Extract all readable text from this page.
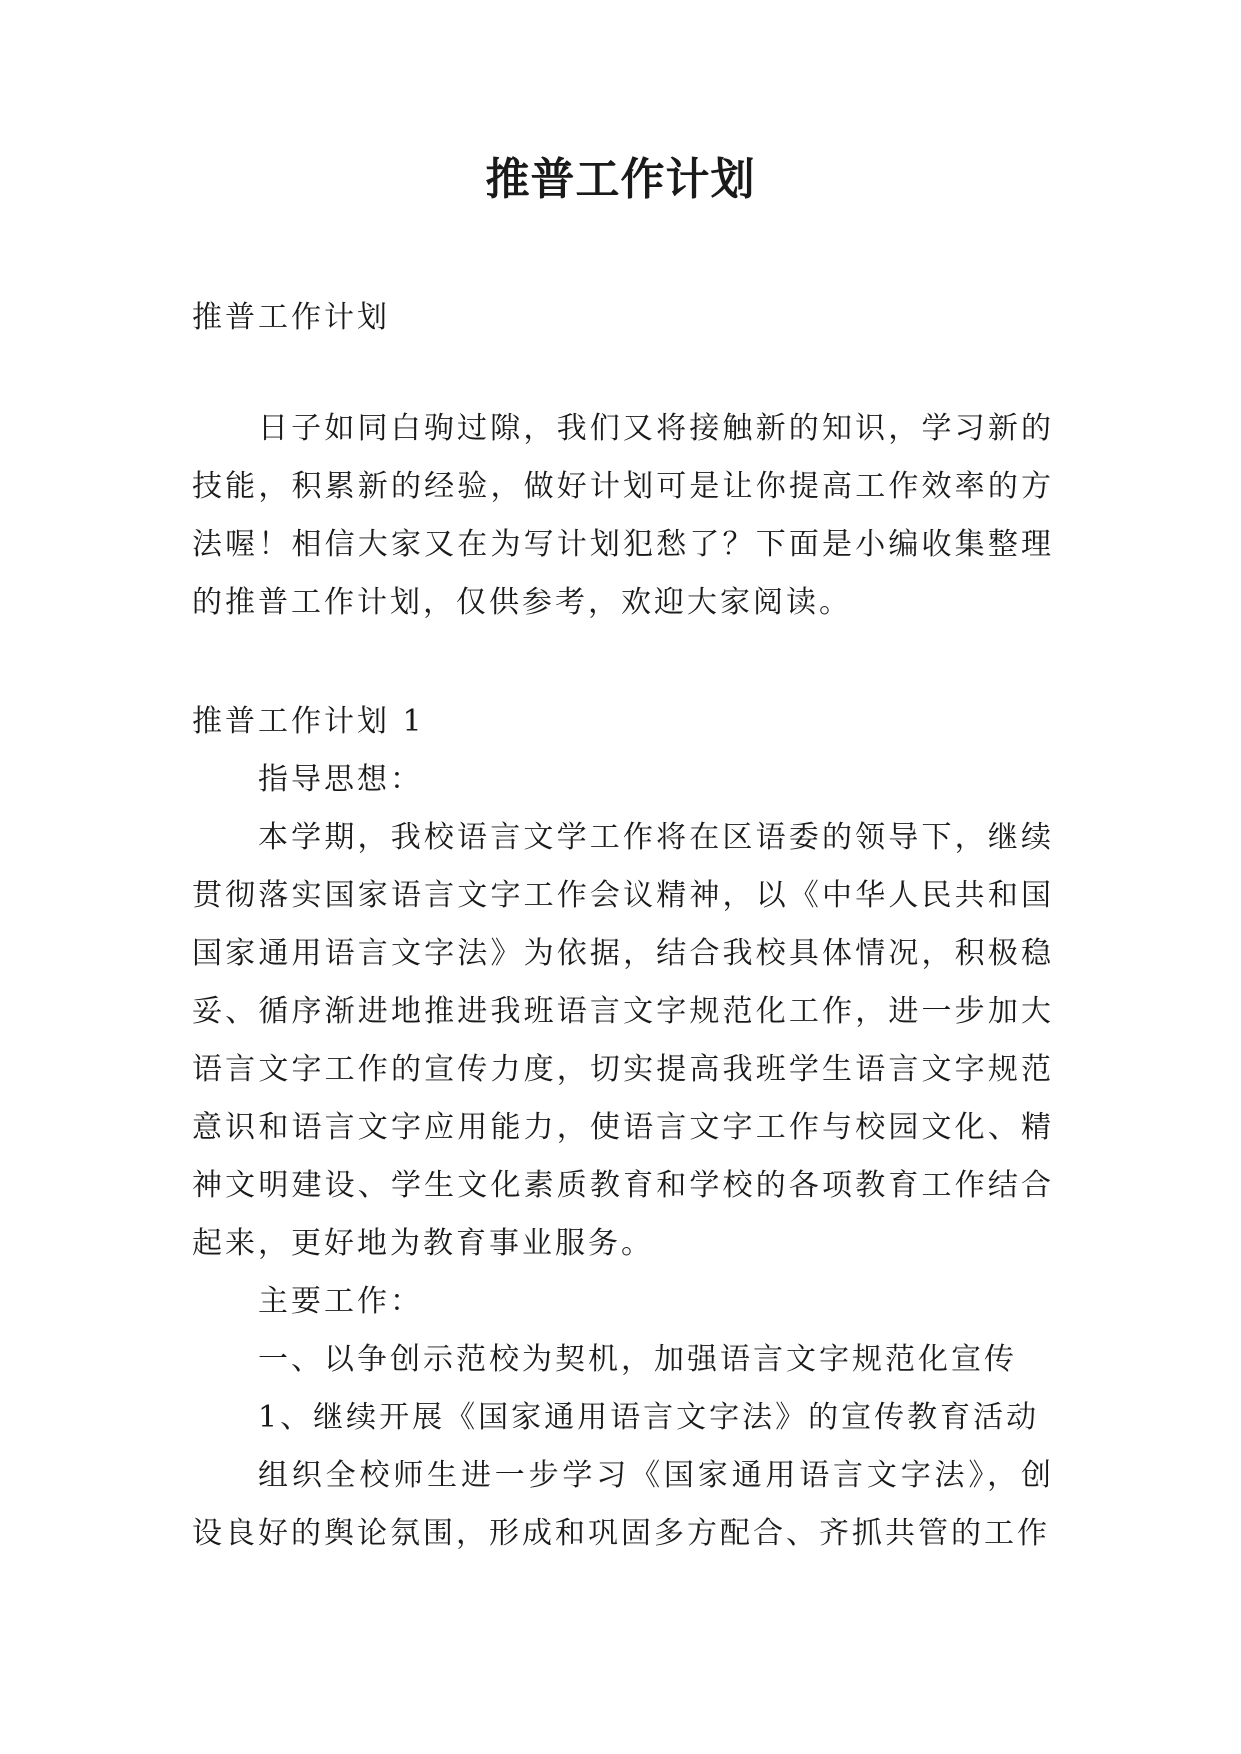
推普工作计划

推普工作计划

日子如同白驹过隙，我们又将接触新的知识，学习新的技能，积累新的经验，做好计划可是让你提高工作效率的方法喔！相信大家又在为写计划犯愁了？下面是小编收集整理的推普工作计划，仅供参考，欢迎大家阅读。

推普工作计划 1

指导思想：

本学期，我校语言文学工作将在区语委的领导下，继续贯彻落实国家语言文字工作会议精神，以《中华人民共和国国家通用语言文字法》为依据，结合我校具体情况，积极稳妥、循序渐进地推进我班语言文字规范化工作，进一步加大语言文字工作的宣传力度，切实提高我班学生语言文字规范意识和语言文字应用能力，使语言文字工作与校园文化、精神文明建设、学生文化素质教育和学校的各项教育工作结合起来，更好地为教育事业服务。

主要工作：

一、以争创示范校为契机，加强语言文字规范化宣传

1、继续开展《国家通用语言文字法》的宣传教育活动

组织全校师生进一步学习《国家通用语言文字法》，创设良好的舆论氛围，形成和巩固多方配合、齐抓共管的工作
